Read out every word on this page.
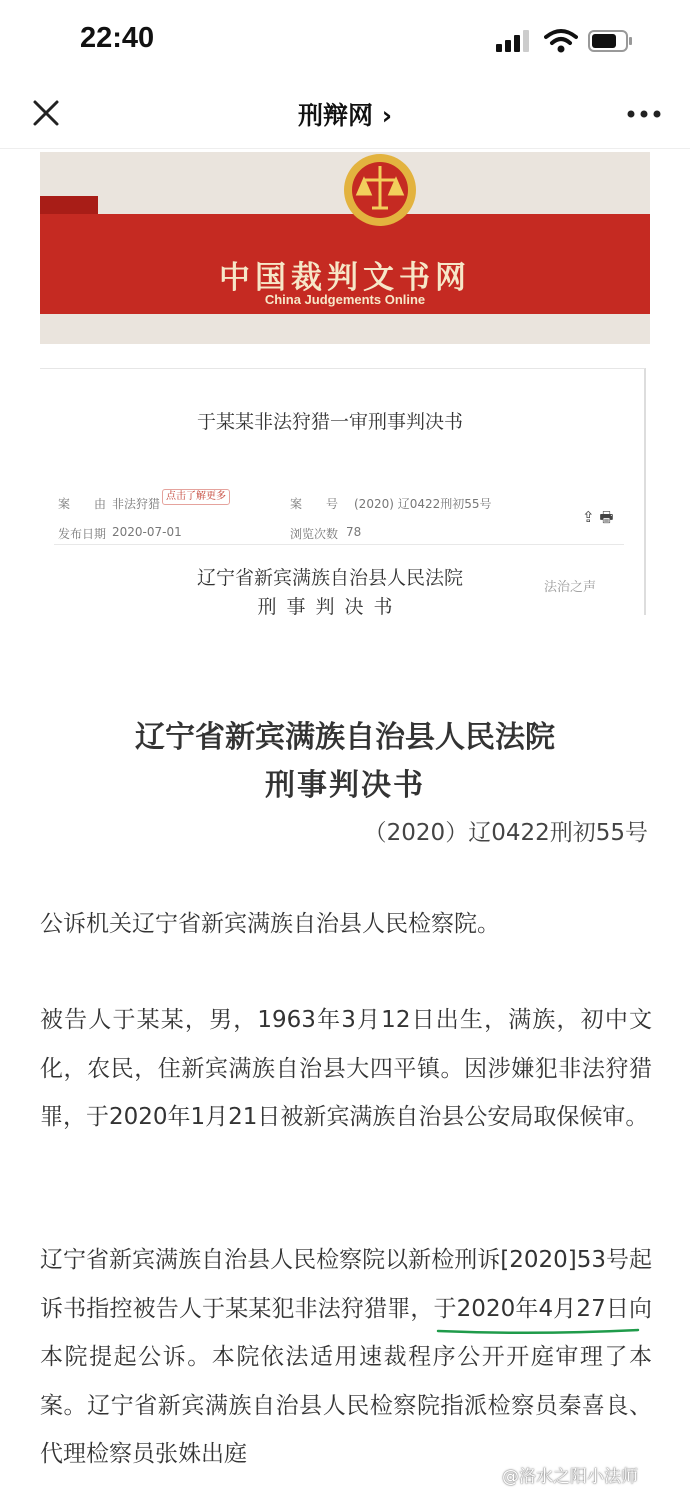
22:40
刑辩网 ›
中国裁判文书网
China Judgements Online
于某某非法狩猎一审刑事判决书
案　　由 非法狩猎
点击了解更多
案　　号 (2020) 辽0422刑初55号
发布日期 2020-07-01	浏览次数 78
⇪ 🖶
辽宁省新宾满族自治县人民法院
刑事判决书
法治之声
辽宁省新宾满族自治县人民法院
刑事判决书
（2020）辽0422刑初55号
公诉机关辽宁省新宾满族自治县人民检察院。
被告人于某某，男，1963年3月12日出生，满族，初中文化，农民，住新宾满族自治县大四平镇。因涉嫌犯非法狩猎罪，于2020年1月21日被新宾满族自治县公安局取保候审。
辽宁省新宾满族自治县人民检察院以新检刑诉[2020]53号起诉书指控被告人于某某犯非法狩猎罪，于2020年4月27日向本院提起公诉。本院依法适用速裁程序公开开庭审理了本案。辽宁省新宾满族自治县人民检察院指派检察员秦喜良、代理检察员张姝出庭
@洛水之阳小法师
